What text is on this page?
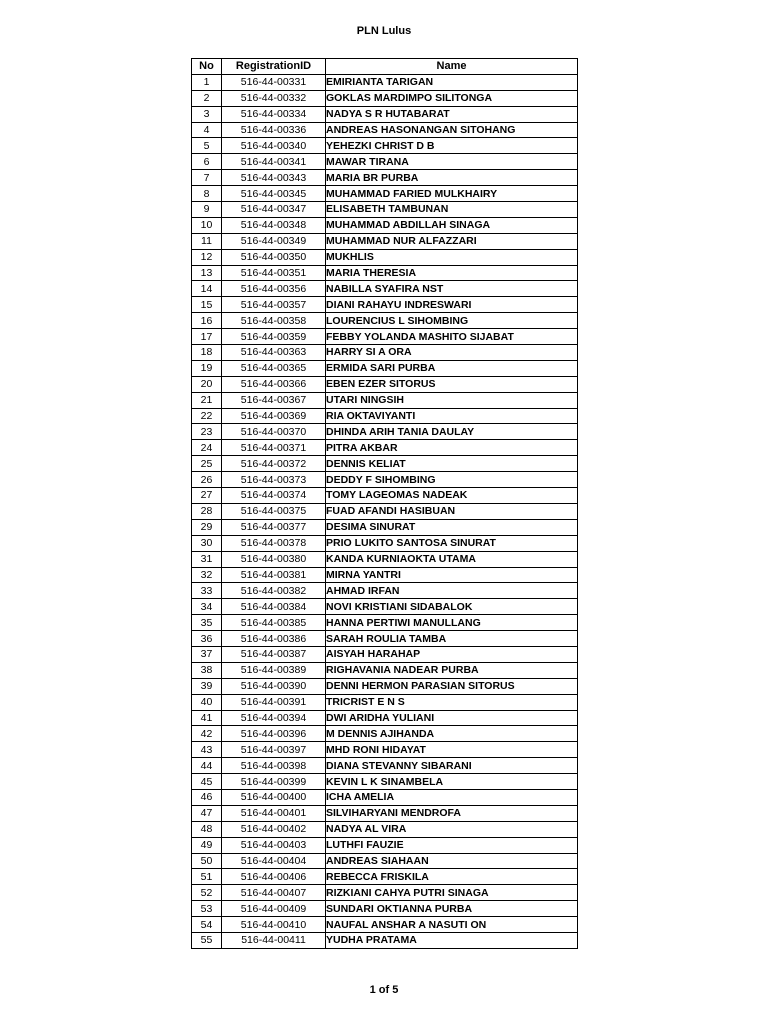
PLN Lulus
No	RegistrationID	Name
1	516-44-00331	EMIRIANTA TARIGAN
2	516-44-00332	GOKLAS MARDIMPO SILITONGA
3	516-44-00334	NADYA S R HUTABARAT
4	516-44-00336	ANDREAS HASONANGAN SITOHANG
5	516-44-00340	YEHEZKI CHRIST D B
6	516-44-00341	MAWAR TIRANA
7	516-44-00343	MARIA BR PURBA
8	516-44-00345	MUHAMMAD FARIED MULKHAIRY
9	516-44-00347	ELISABETH TAMBUNAN
10	516-44-00348	MUHAMMAD ABDILLAH SINAGA
11	516-44-00349	MUHAMMAD NUR ALFAZZARI
12	516-44-00350	MUKHLIS
13	516-44-00351	MARIA THERESIA
14	516-44-00356	NABILLA SYAFIRA NST
15	516-44-00357	DIANI RAHAYU INDRESWARI
16	516-44-00358	LOURENCIUS L SIHOMBING
17	516-44-00359	FEBBY YOLANDA MASHITO SIJABAT
18	516-44-00363	HARRY SI A ORA
19	516-44-00365	ERMIDA SARI PURBA
20	516-44-00366	EBEN EZER SITORUS
21	516-44-00367	UTARI NINGSIH
22	516-44-00369	RIA OKTAVIYANTI
23	516-44-00370	DHINDA ARIH TANIA DAULAY
24	516-44-00371	PITRA AKBAR
25	516-44-00372	DENNIS KELIAT
26	516-44-00373	DEDDY F SIHOMBING
27	516-44-00374	TOMY LAGEOMAS NADEAK
28	516-44-00375	FUAD AFANDI HASIBUAN
29	516-44-00377	DESIMA SINURAT
30	516-44-00378	PRIO LUKITO SANTOSA SINURAT
31	516-44-00380	KANDA KURNIAOKTA UTAMA
32	516-44-00381	MIRNA YANTRI
33	516-44-00382	AHMAD IRFAN
34	516-44-00384	NOVI KRISTIANI SIDABALOK
35	516-44-00385	HANNA PERTIWI MANULLANG
36	516-44-00386	SARAH ROULIA TAMBA
37	516-44-00387	AISYAH HARAHAP
38	516-44-00389	RIGHAVANIA NADEAR PURBA
39	516-44-00390	DENNI HERMON PARASIAN SITORUS
40	516-44-00391	TRICRIST E N S
41	516-44-00394	DWI ARIDHA YULIANI
42	516-44-00396	M DENNIS AJIHANDA
43	516-44-00397	MHD RONI HIDAYAT
44	516-44-00398	DIANA STEVANNY SIBARANI
45	516-44-00399	KEVIN L K SINAMBELA
46	516-44-00400	ICHA AMELIA
47	516-44-00401	SILVIHARYANI MENDROFA
48	516-44-00402	NADYA AL VIRA
49	516-44-00403	LUTHFI FAUZIE
50	516-44-00404	ANDREAS SIAHAAN
51	516-44-00406	REBECCA FRISKILA
52	516-44-00407	RIZKIANI CAHYA PUTRI SINAGA
53	516-44-00409	SUNDARI OKTIANNA PURBA
54	516-44-00410	NAUFAL ANSHAR A NASUTI ON
55	516-44-00411	YUDHA PRATAMA
1 of 5
